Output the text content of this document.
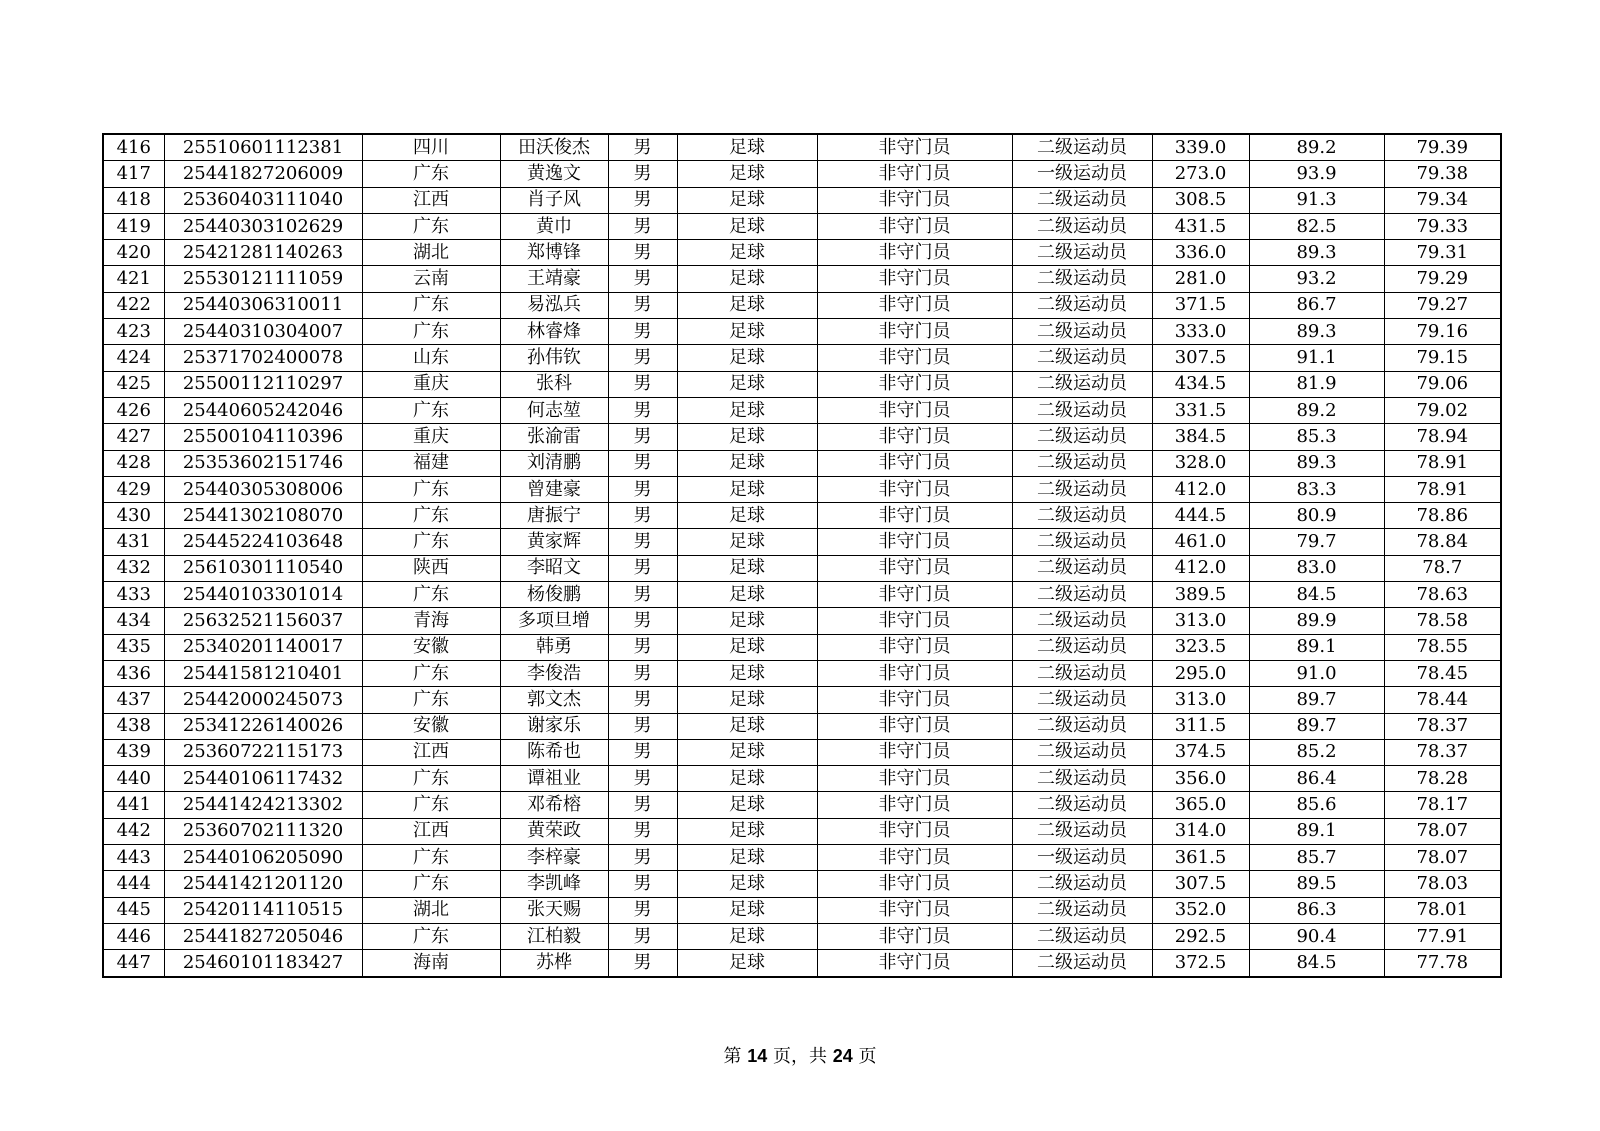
416	25510601112381	四川	田沃俊杰	男	足球	非守门员	二级运动员	339.0	89.2	79.39
417	25441827206009	广东	黄逸文	男	足球	非守门员	一级运动员	273.0	93.9	79.38
418	25360403111040	江西	肖子风	男	足球	非守门员	二级运动员	308.5	91.3	79.34
419	25440303102629	广东	黄巾	男	足球	非守门员	二级运动员	431.5	82.5	79.33
420	25421281140263	湖北	郑博锋	男	足球	非守门员	二级运动员	336.0	89.3	79.31
421	25530121111059	云南	王靖豪	男	足球	非守门员	二级运动员	281.0	93.2	79.29
422	25440306310011	广东	易泓兵	男	足球	非守门员	二级运动员	371.5	86.7	79.27
423	25440310304007	广东	林睿烽	男	足球	非守门员	二级运动员	333.0	89.3	79.16
424	25371702400078	山东	孙伟钦	男	足球	非守门员	二级运动员	307.5	91.1	79.15
425	25500112110297	重庆	张科	男	足球	非守门员	二级运动员	434.5	81.9	79.06
426	25440605242046	广东	何志堃	男	足球	非守门员	二级运动员	331.5	89.2	79.02
427	25500104110396	重庆	张渝雷	男	足球	非守门员	二级运动员	384.5	85.3	78.94
428	25353602151746	福建	刘清鹏	男	足球	非守门员	二级运动员	328.0	89.3	78.91
429	25440305308006	广东	曾建豪	男	足球	非守门员	二级运动员	412.0	83.3	78.91
430	25441302108070	广东	唐振宁	男	足球	非守门员	二级运动员	444.5	80.9	78.86
431	25445224103648	广东	黄家辉	男	足球	非守门员	二级运动员	461.0	79.7	78.84
432	25610301110540	陕西	李昭文	男	足球	非守门员	二级运动员	412.0	83.0	78.7
433	25440103301014	广东	杨俊鹏	男	足球	非守门员	二级运动员	389.5	84.5	78.63
434	25632521156037	青海	多项旦增	男	足球	非守门员	二级运动员	313.0	89.9	78.58
435	25340201140017	安徽	韩勇	男	足球	非守门员	二级运动员	323.5	89.1	78.55
436	25441581210401	广东	李俊浩	男	足球	非守门员	二级运动员	295.0	91.0	78.45
437	25442000245073	广东	郭文杰	男	足球	非守门员	二级运动员	313.0	89.7	78.44
438	25341226140026	安徽	谢家乐	男	足球	非守门员	二级运动员	311.5	89.7	78.37
439	25360722115173	江西	陈希也	男	足球	非守门员	二级运动员	374.5	85.2	78.37
440	25440106117432	广东	谭祖业	男	足球	非守门员	二级运动员	356.0	86.4	78.28
441	25441424213302	广东	邓希榕	男	足球	非守门员	二级运动员	365.0	85.6	78.17
442	25360702111320	江西	黄荣政	男	足球	非守门员	二级运动员	314.0	89.1	78.07
443	25440106205090	广东	李梓豪	男	足球	非守门员	一级运动员	361.5	85.7	78.07
444	25441421201120	广东	李凯峰	男	足球	非守门员	二级运动员	307.5	89.5	78.03
445	25420114110515	湖北	张天赐	男	足球	非守门员	二级运动员	352.0	86.3	78.01
446	25441827205046	广东	江柏毅	男	足球	非守门员	二级运动员	292.5	90.4	77.91
447	25460101183427	海南	苏桦	男	足球	非守门员	二级运动员	372.5	84.5	77.78
第 14 页，共 24 页
